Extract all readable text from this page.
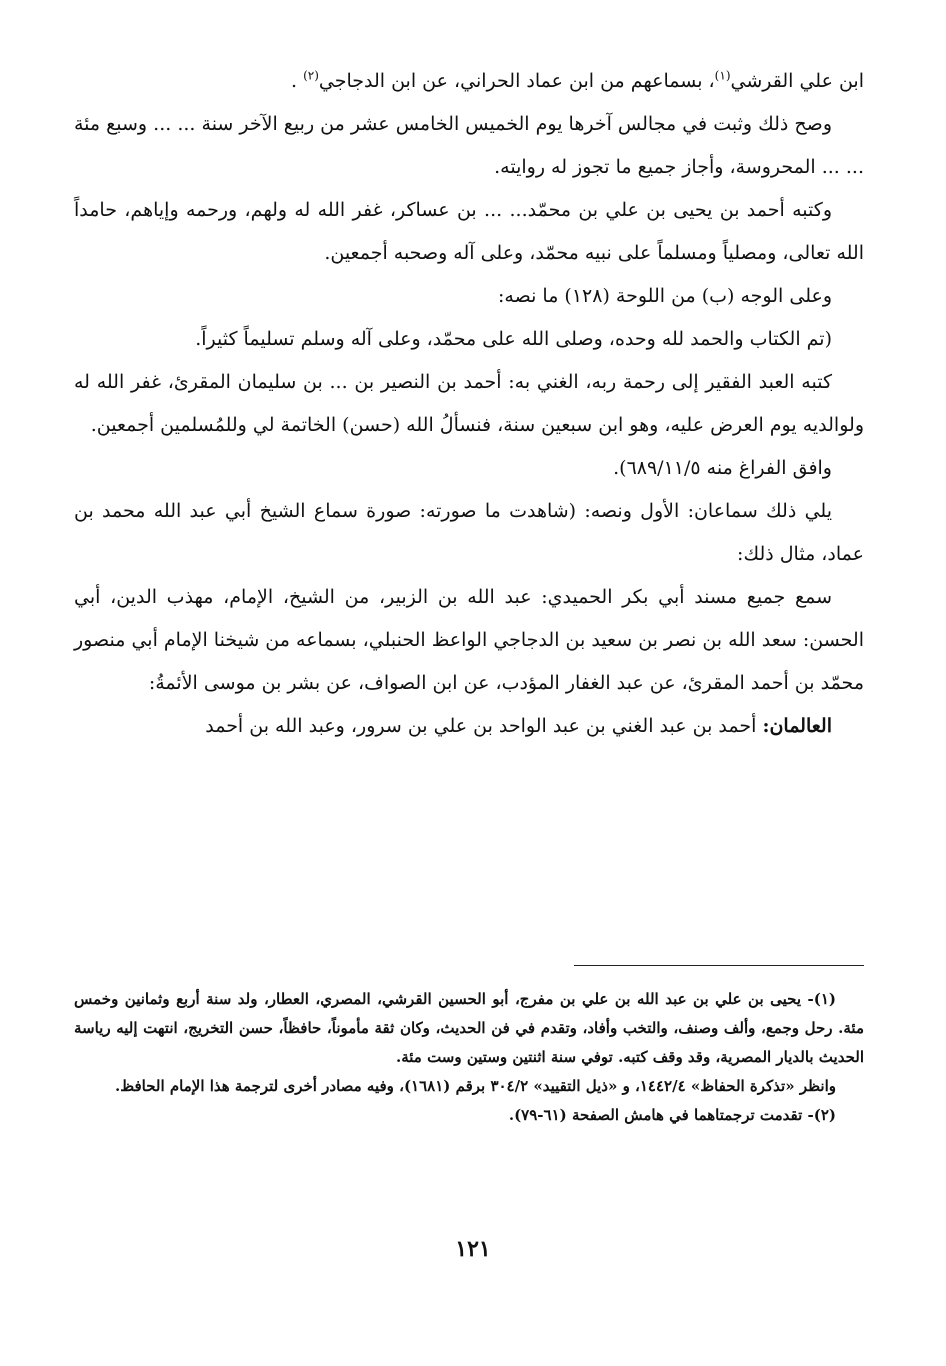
ابن علي القرشي$^{(١)}$، بسماعهم من ابن عماد الحراني، عن ابن الدجاجي$^{(٢)}$ .

وصح ذلك وثبت في مجالس آخرها يوم الخميس الخامس عشر من ربيع الآخر سنة ... ... وسبع مئة ... ... المحروسة، وأجاز جميع ما تجوز له روايته.

وكتبه أحمد بن يحيى بن علي بن محمّد... ... بن عساكر، غفر الله له ولهم، ورحمه وإياهم، حامداً الله تعالى، ومصلياً ومسلماً على نبيه محمّد، وعلى آله وصحبه أجمعين.

وعلى الوجه (ب) من اللوحة (١٢٨) ما نصه:

(تم الكتاب والحمد لله وحده، وصلى الله على محمّد، وعلى آله وسلم تسليماً كثيراً.

كتبه العبد الفقير إلى رحمة ربه، الغني به: أحمد بن النصير بن ... بن سليمان المقرئ، غفر الله له ولوالديه يوم العرض عليه، وهو ابن سبعين سنة، فنسألُ الله (حسن) الخاتمة لي وللمُسلمين أجمعين.

وافق الفراغ منه ٦٨٩/١١/٥).

يلي ذلك سماعان: الأول ونصه: (شاهدت ما صورته: صورة سماع الشيخ أبي عبد الله محمد بن عماد، مثال ذلك:

سمع جميع مسند أبي بكر الحميدي: عبد الله بن الزبير، من الشيخ، الإمام، مهذب الدين، أبي الحسن: سعد الله بن نصر بن سعيد بن الدجاجي الواعظ الحنبلي، بسماعه من شيخنا الإمام أبي منصور محمّد بن أحمد المقرئ، عن عبد الغفار المؤدب، عن ابن الصواف، عن بشر بن موسى الأئمةُ:

العالمان: أحمد بن عبد الغني بن عبد الواحد بن علي بن سرور، وعبد الله بن أحمد

(١)- يحيى بن علي بن عبد الله بن علي بن مفرج، أبو الحسين القرشي، المصري، العطار، ولد سنة أربع وثمانين وخمس مئة. رحل وجمع، وألف وصنف، والتخب وأفاد، وتقدم في فن الحديث، وكان ثقة مأموناً، حافظاً، حسن التخريج، انتهت إليه رياسة الحديث بالديار المصرية، وقد وقف كتبه. توفي سنة اثنتين وستين وست مئة.

وانظر «تذكرة الحفاظ» ١٤٤٢/٤، و «ذيل التقييد» ٣٠٤/٢ برقم (١٦٨١)، وفيه مصادر أخرى لترجمة هذا الإمام الحافظ.

(٢)- تقدمت ترجمتاهما في هامش الصفحة (٦١-٧٩).

١٢١
